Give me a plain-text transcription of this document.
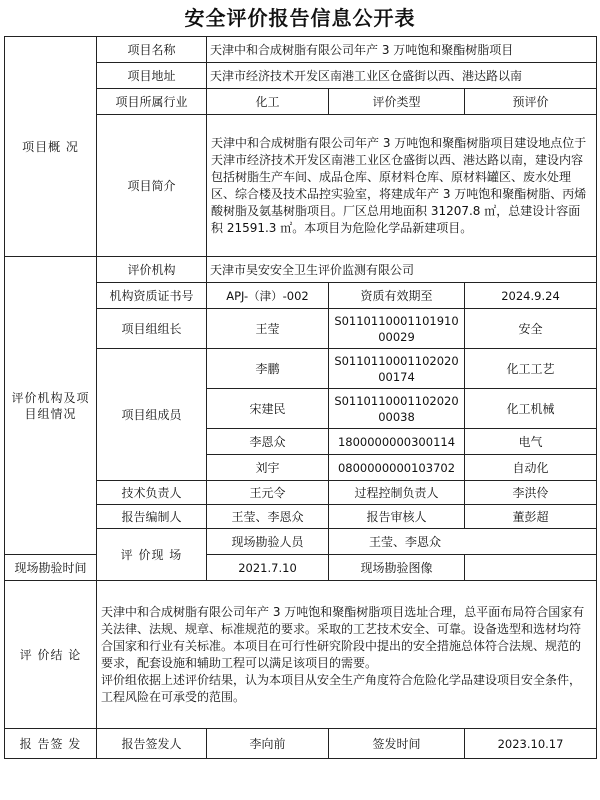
安全评价报告信息公开表
项目概 况	项目名称	天津中和合成树脂有限公司年产 3 万吨饱和聚酯树脂项目		
	项目地址	天津市经济技术开发区南港工业区仓盛街以西、港达路以南		
	项目所属行业	化工	评价类型	预评价
	项目简介	天津中和合成树脂有限公司年产 3 万吨饱和聚酯树脂项目建设地点位于天津市经济技术开发区南港工业区仓盛街以西、港达路以南，建设内容包括树脂生产车间、成品仓库、原材料仓库、原材料罐区、废水处理区、综合楼及技术品控实验室，将建成年产 3 万吨饱和聚酯树脂、丙烯酸树脂及氨基树脂项目。厂区总用地面积 31207.8 ㎡，总建设计容面积 21591.3 ㎡。本项目为危险化学品新建项目。		
评价机构及项目组情况	评价机构	天津市昊安安全卫生评价监测有限公司		
	机构资质证书号	APJ-（津）-002	资质有效期至	2024.9.24
	项目组组长	王莹	S011011000110191000029	安全
	项目组成员	李鹏	S011011000110202000174	化工工艺
		宋建民	S011011000110202000038	化工机械
		李恩众	1800000000300114	电气
		刘宇	0800000000103702	自动化
	技术负责人	王元令	过程控制负责人	李洪伶
	报告编制人	王莹、李恩众	报告审核人	董彭超
	评 价现 场	现场勘验人员	王莹、李恩众	
现场勘验时间		2021.7.10	现场勘验图像	
评 价结 论	天津中和合成树脂有限公司年产 3 万吨饱和聚酯树脂项目选址合理，总平面布局符合国家有关法律、法规、规章、标准规范的要求。采取的工艺技术安全、可靠。设备选型和选材均符合国家和行业有关标准。本项目在可行性研究阶段中提出的安全措施总体符合法规、规范的要求，配套设施和辅助工程可以满足该项目的需要。
评价组依据上述评价结果，认为本项目从安全生产角度符合危险化学品建设项目安全条件，工程风险在可承受的范围。			

报 告签 发	报告签发人	李向前	签发时间	2023.10.17
